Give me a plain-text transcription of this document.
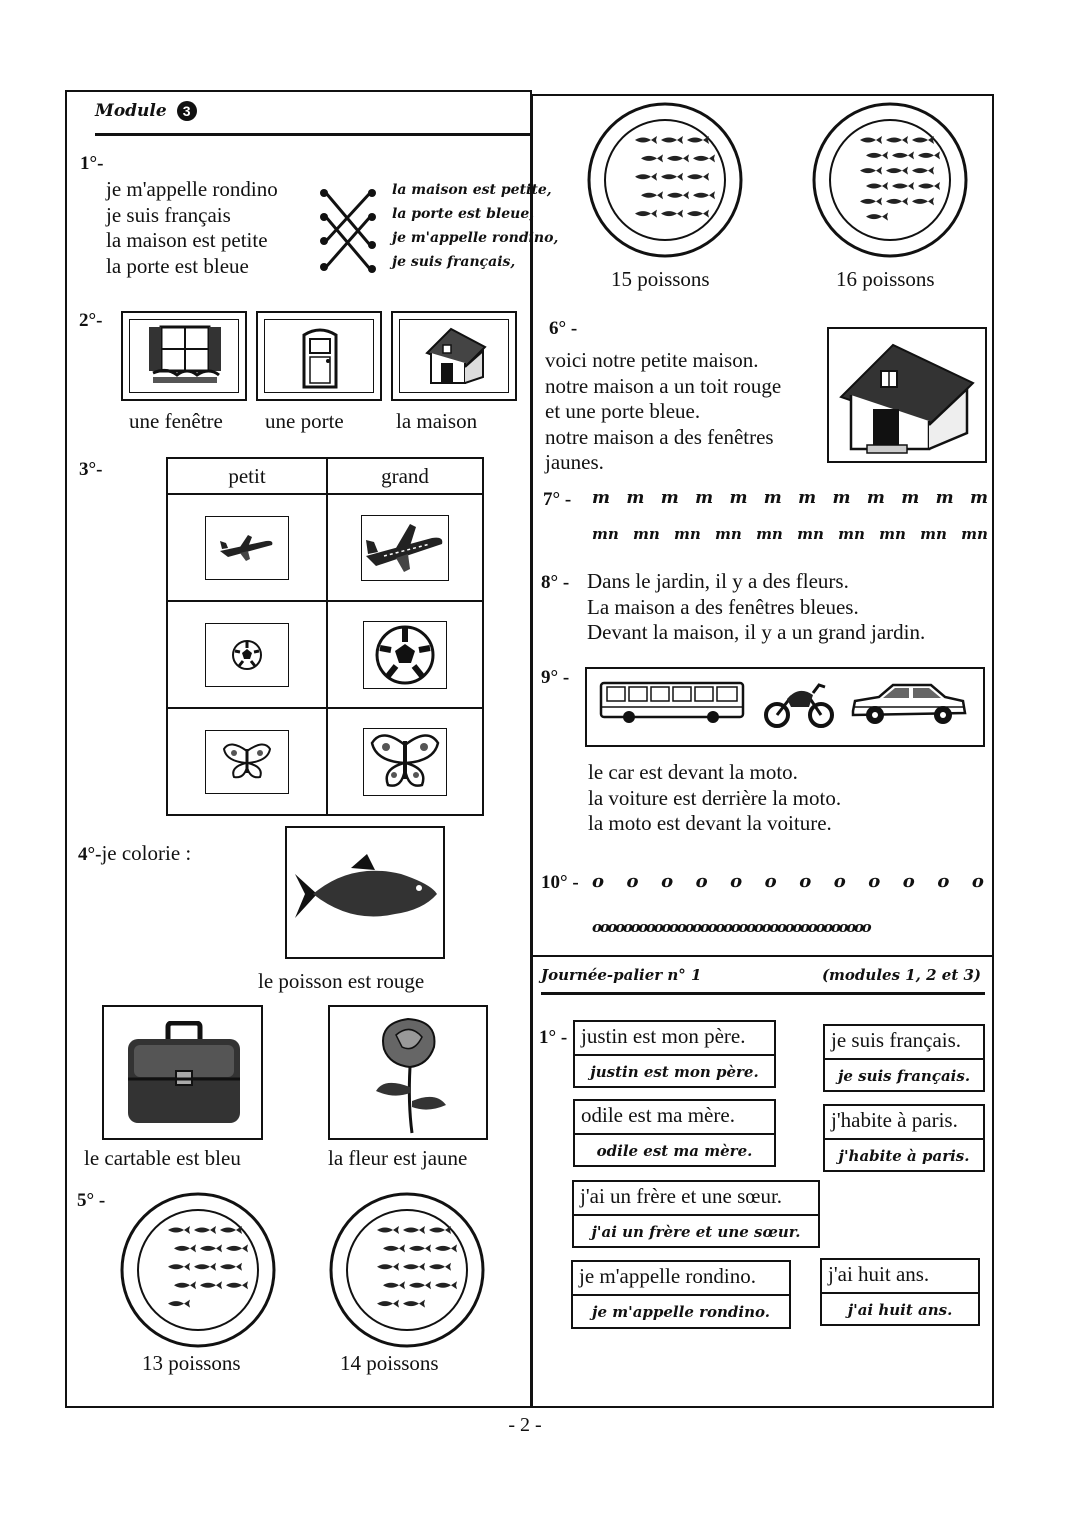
Module 3
1°-
je m'appelle rondino
je suis français
la maison est petite
la porte est bleue
la maison est petite,
la porte est bleue,
je m'appelle rondino,
je suis français,
2°-
une fenêtre une porte la maison
3°-	petit	grand

4°-je colorie :
le poisson est rouge
le cartable est bleu	la fleur est jaune
5° -
13 poissons	14 poissons
15 poissons	16 poissons
6° -
voici notre petite maison.
notre maison a un toit rouge
et une porte bleue.
notre maison a des fenêtres
jaunes.
7° - m m m m m m m m m m m m
mn mn mn mn mn mn mn mn mn mn
8° - Dans le jardin, il y a des fleurs.
La maison a des fenêtres bleues.
Devant la maison, il y a un grand jardin.
9° -
le car est devant la moto.
la voiture est derrière la moto.
la moto est devant la voiture.
10° - o o o o o o o o o o o o
oooooooooooooooooooooooooooooooooooo
Journée-palier n° 1	(modules 1, 2 et 3)
1° - justin est mon père.
justin est mon père.
je suis français.
je suis français.
odile est ma mère.
odile est ma mère.
j'habite à paris.
j'habite à paris.
j'ai un frère et une sœur.
j'ai un frère et une sœur.
je m'appelle rondino.
je m'appelle rondino.
j'ai huit ans.
j'ai huit ans.
- 2 -
